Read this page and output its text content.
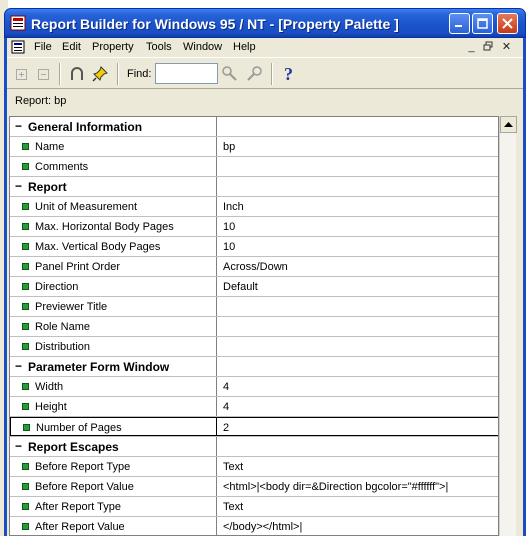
Report Builder for Windows 95 / NT - [Property Palette ]
File Edit Property Tools Window Help	_	✕
Find:	?
Report: bp
− General Information
Name	bp
Comments
− Report
Unit of Measurement	Inch
Max. Horizontal Body Pages	10
Max. Vertical Body Pages	10
Panel Print Order	Across/Down
Direction	Default
Previewer Title
Role Name
Distribution
− Parameter Form Window
Width	4
Height	4
Number of Pages	2
− Report Escapes
Before Report Type	Text
Before Report Value	<html>|<body dir=&Direction bgcolor="#ffffff">|
After Report Type	Text
After Report Value	</body></html>|
